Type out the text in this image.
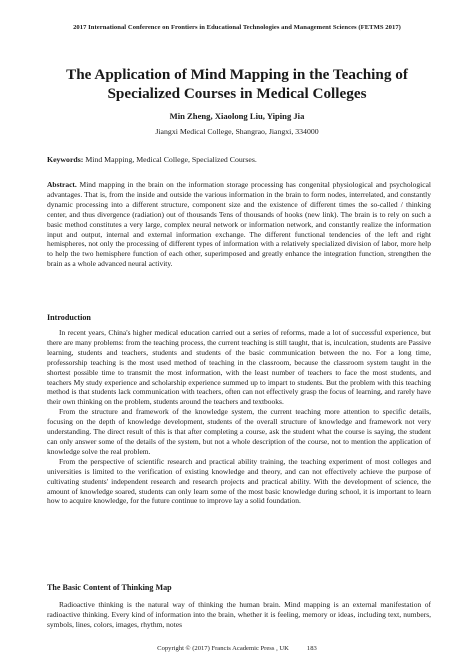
2017 International Conference on Frontiers in Educational Technologies and Management Sciences (FETMS 2017)
The Application of Mind Mapping in the Teaching of Specialized Courses in Medical Colleges
Min Zheng, Xiaolong Liu, Yiping Jia
Jiangxi Medical College, Shangrao, Jiangxi, 334000
Keywords: Mind Mapping, Medical College, Specialized Courses.
Abstract. Mind mapping in the brain on the information storage processing has congenital physiological and psychological advantages. That is, from the inside and outside the various information in the brain to form nodes, interrelated, and constantly dynamic processing into a different structure, component size and the existence of different times the so-called / thinking center, and thus divergence (radiation) out of thousands Tens of thousands of hooks (new link). The brain is to rely on such a basic method constitutes a very large, complex neural network or information network, and constantly realize the information input and output, internal and external information exchange. The different functional tendencies of the left and right hemispheres, not only the processing of different types of information with a relatively specialized division of labor, more help to help the two hemisphere function of each other, superimposed and greatly enhance the integration function, strengthen the brain as a whole advanced neural activity.
Introduction

In recent years, China's higher medical education carried out a series of reforms, made a lot of successful experience, but there are many problems: from the teaching process, the current teaching is still taught, that is, inculcation, students are Passive learning, students and teachers, students and students of the basic communication between the no. For a long time, professorship teaching is the most used method of teaching in the classroom, because the classroom system taught in the shortest possible time to transmit the most information, with the least number of teachers to face the most students, and teachers My study experience and scholarship experience summed up to impart to students. But the problem with this teaching method is that students lack communication with teachers, often can not effectively grasp the focus of learning, and rarely have their own thinking on the problem, students around the teachers and textbooks.

From the structure and framework of the knowledge system, the current teaching more attention to specific details, focusing on the depth of knowledge development, students of the overall structure of knowledge and framework not very understanding. The direct result of this is that after completing a course, ask the student what the course is saying, the student can only answer some of the details of the system, but not a whole description of the course, not to mention the application of knowledge solve the real problem.

From the perspective of scientific research and practical ability training, the teaching experiment of most colleges and universities is limited to the verification of existing knowledge and theory, and can not effectively achieve the purpose of cultivating students' independent research and research projects and practical ability. With the development of science, the amount of knowledge soared, students can only learn some of the most basic knowledge during school, it is important to learn how to acquire knowledge, for the future continue to improve lay a solid foundation.

The Basic Content of Thinking Map

Radioactive thinking is the natural way of thinking the human brain. Mind mapping is an external manifestation of radioactive thinking. Every kind of information into the brain, whether it is feeling, memory or ideas, including text, numbers, symbols, lines, colors, images, rhythm, notes

Copyright © (2017) Francis Academic Press , UK	183
